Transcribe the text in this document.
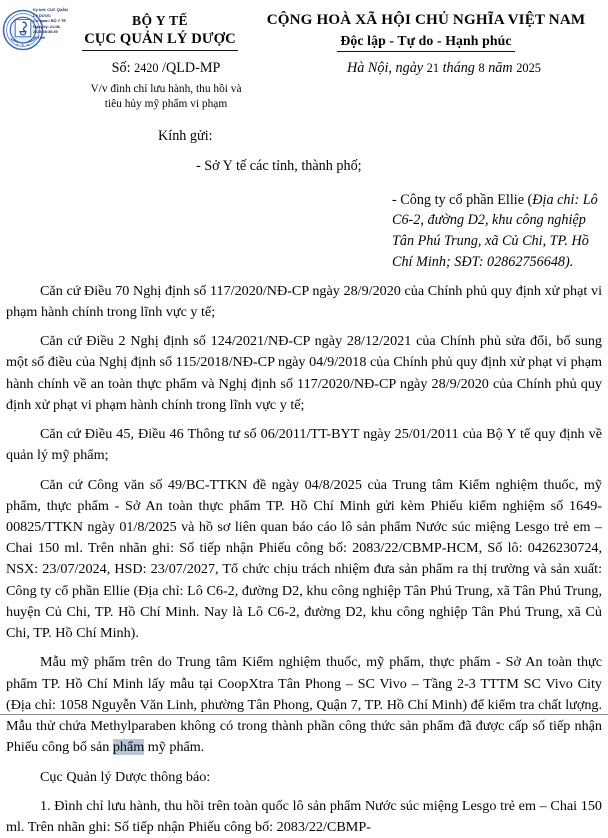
★ ★ ★
Ký bởi: CỤC QUẢN
LÝ DƯỢC
Cơ quan: BỘ Y TẾ
Ngày ký: 21-08-
2025 08:36:39
+07:00
BỘ Y TẾ
CỤC QUẢN LÝ DƯỢC
CỘNG HOÀ XÃ HỘI CHỦ NGHĨA VIỆT NAM
Độc lập - Tự do - Hạnh phúc
Số: 2420 /QLD-MP
V/v đình chỉ lưu hành, thu hồi và
tiêu hủy mỹ phẩm vi phạm
Hà Nội, ngày 21 tháng 8 năm 2025
Kính gửi:
- Sở Y tế các tỉnh, thành phố;
- Công ty cổ phần Ellie (Địa chỉ: Lô C6-2, đường D2, khu công nghiệp Tân Phú Trung, xã Củ Chi, TP. Hồ Chí Minh; SĐT: 02862756648).

Căn cứ Điều 70 Nghị định số 117/2020/NĐ-CP ngày 28/9/2020 của Chính phủ quy định xử phạt vi phạm hành chính trong lĩnh vực y tế;

Căn cứ Điều 2 Nghị định số 124/2021/NĐ-CP ngày 28/12/2021 của Chính phủ sửa đổi, bổ sung một số điều của Nghị định số 115/2018/NĐ-CP ngày 04/9/2018 của Chính phủ quy định xử phạt vi phạm hành chính về an toàn thực phẩm và Nghị định số 117/2020/NĐ-CP ngày 28/9/2020 của Chính phủ quy định xử phạt vi phạm hành chính trong lĩnh vực y tế;

Căn cứ Điều 45, Điều 46 Thông tư số 06/2011/TT-BYT ngày 25/01/2011 của Bộ Y tế quy định về quản lý mỹ phẩm;

Căn cứ Công văn số 49/BC-TTKN đề ngày 04/8/2025 của Trung tâm Kiểm nghiệm thuốc, mỹ phẩm, thực phẩm - Sở An toàn thực phẩm TP. Hồ Chí Minh gửi kèm Phiếu kiểm nghiệm số 1649-00825/TTKN ngày 01/8/2025 và hồ sơ liên quan báo cáo lô sản phẩm Nước súc miệng Lesgo trẻ em – Chai 150 ml. Trên nhãn ghi: Số tiếp nhận Phiếu công bố: 2083/22/CBMP-HCM, Số lô: 0426230724, NSX: 23/07/2024, HSD: 23/07/2027, Tổ chức chịu trách nhiệm đưa sản phẩm ra thị trường và sản xuất: Công ty cổ phần Ellie (Địa chỉ: Lô C6-2, đường D2, khu công nghiệp Tân Phú Trung, xã Tân Phú Trung, huyện Củ Chi, TP. Hồ Chí Minh. Nay là Lô C6-2, đường D2, khu công nghiệp Tân Phú Trung, xã Củ Chi, TP. Hồ Chí Minh).

Mẫu mỹ phẩm trên do Trung tâm Kiểm nghiệm thuốc, mỹ phẩm, thực phẩm - Sở An toàn thực phẩm TP. Hồ Chí Minh lấy mẫu tại CoopXtra Tân Phong – SC Vivo – Tầng 2-3 TTTM SC Vivo City (Địa chỉ: 1058 Nguyễn Văn Linh, phường Tân Phong, Quận 7, TP. Hồ Chí Minh) để kiểm tra chất lượng. Mẫu thử chứa Methylparaben không có trong thành phần công thức sản phẩm đã được cấp số tiếp nhận Phiếu công bố sản phẩm mỹ phẩm.

Cục Quản lý Dược thông báo:

1. Đình chỉ lưu hành, thu hồi trên toàn quốc lô sản phẩm Nước súc miệng Lesgo trẻ em – Chai 150 ml. Trên nhãn ghi: Số tiếp nhận Phiếu công bố: 2083/22/CBMP-
